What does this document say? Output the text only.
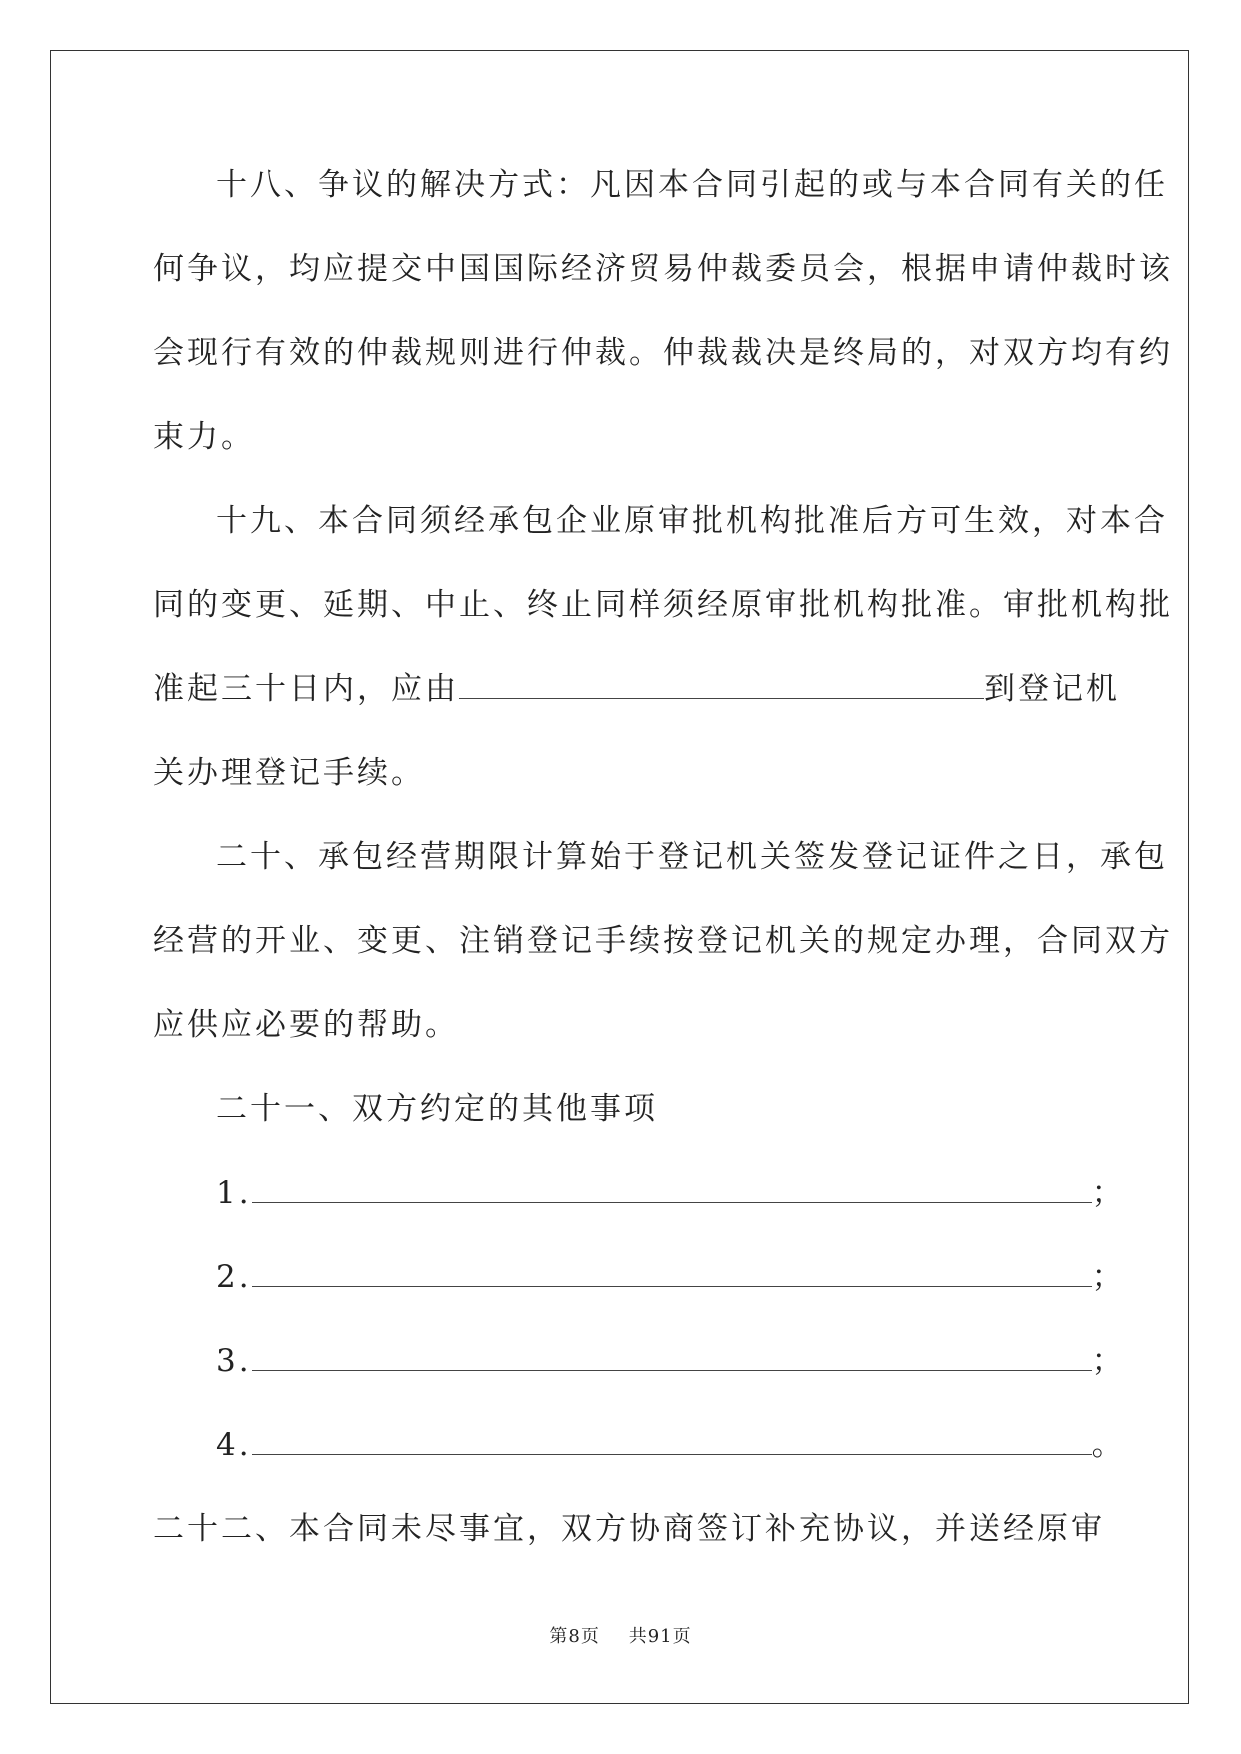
十八、争议的解决方式：凡因本合同引起的或与本合同有关的任
何争议，均应提交中国国际经济贸易仲裁委员会，根据申请仲裁时该
会现行有效的仲裁规则进行仲裁。仲裁裁决是终局的，对双方均有约
束力。
十九、本合同须经承包企业原审批机构批准后方可生效，对本合
同的变更、延期、中止、终止同样须经原审批机构批准。审批机构批
准起三十日内，应由	到登记机
关办理登记手续。
二十、承包经营期限计算始于登记机关签发登记证件之日，承包
经营的开业、变更、注销登记手续按登记机关的规定办理，合同双方
应供应必要的帮助。
二十一、双方约定的其他事项
1.	；
2.	；
3.	；
4.	。
二十二、本合同未尽事宜，双方协商签订补充协议，并送经原审
第8页 共91页
